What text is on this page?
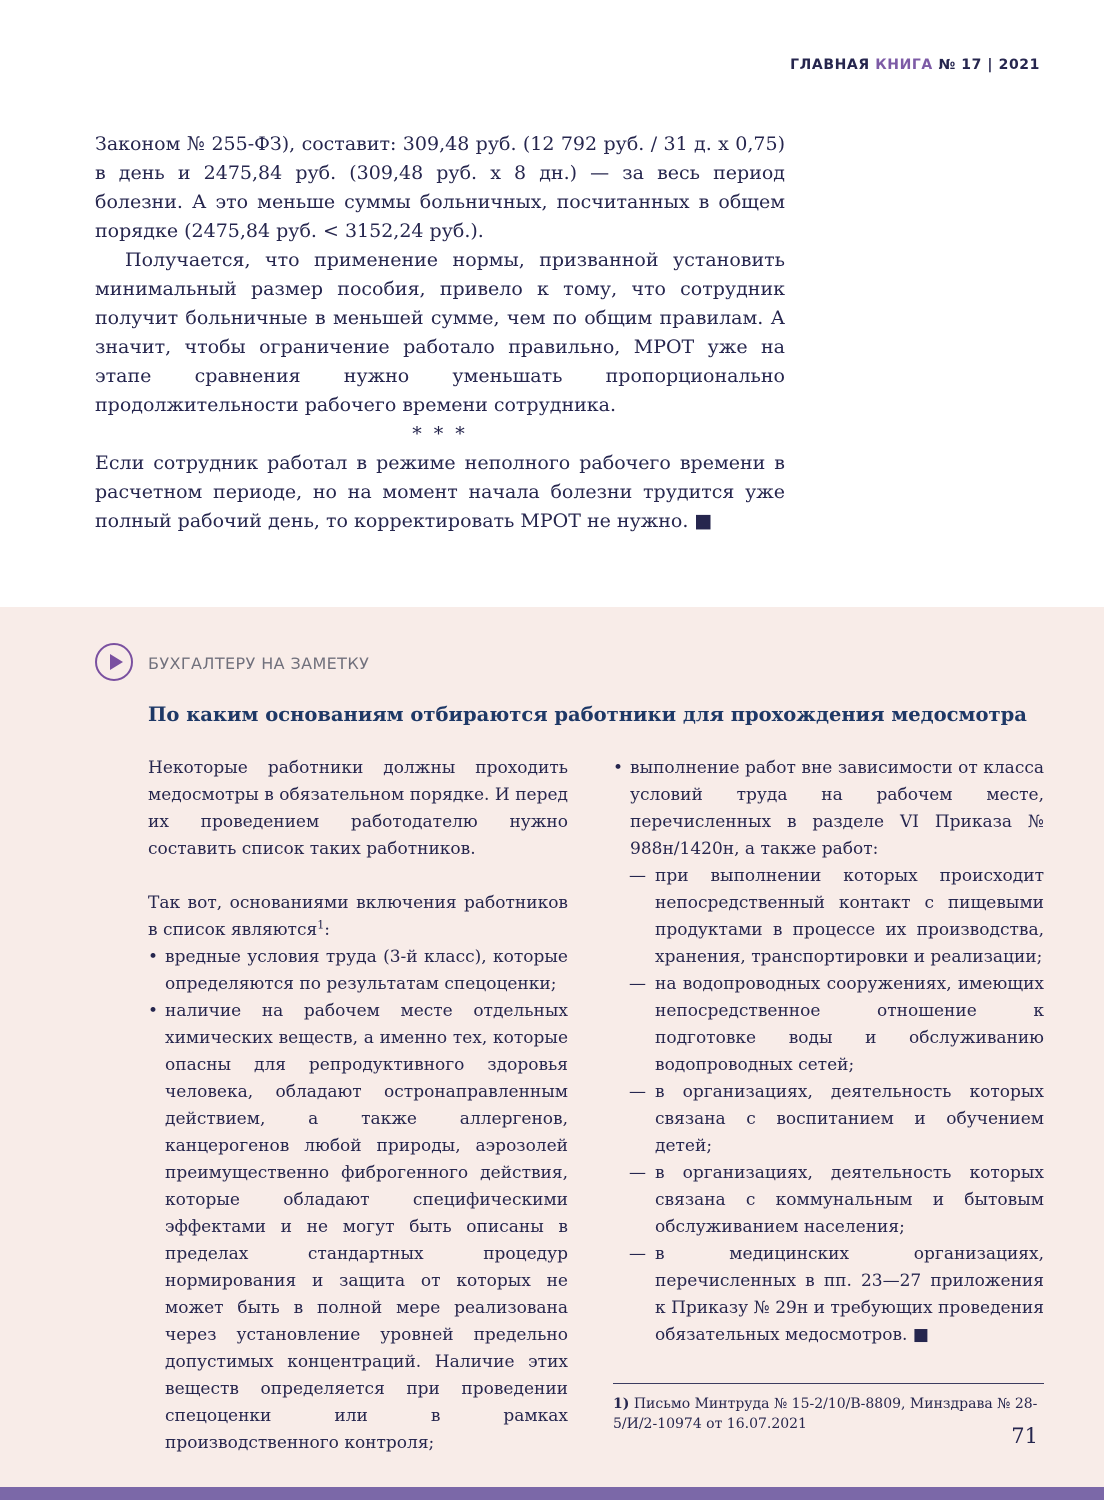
ГЛАВНАЯ КНИГА № 17 | 2021

Законом № 255-ФЗ), составит: 309,48 руб. (12 792 руб. / 31 д. х 0,75) в день и 2475,84 руб. (309,48 руб. х 8 дн.) — за весь период болезни. А это меньше суммы больничных, посчитанных в общем порядке (2475,84 руб. < 3152,24 руб.).

Получается, что применение нормы, призванной установить минимальный размер пособия, привело к тому, что сотрудник получит больничные в меньшей сумме, чем по общим правилам. А значит, чтобы ограничение работало правильно, МРОТ уже на этапе сравнения нужно уменьшать пропорционально продолжительности рабочего времени сотрудника.

* * *

Если сотрудник работал в режиме неполного рабочего времени в расчетном периоде, но на момент начала болезни трудится уже полный рабочий день, то корректировать МРОТ не нужно. ■

БУХГАЛТЕРУ НА ЗАМЕТКУ
По каким основаниям отбираются работники для прохождения медосмотра

Некоторые работники должны проходить медосмотры в обязательном порядке. И перед их проведением работодателю нужно составить список таких работников.

Так вот, основаниями включения работников в список являются$^1$:

• вредные условия труда (3-й класс), которые определяются по результатам спецоценки;
• наличие на рабочем месте отдельных химических веществ, а именно тех, которые опасны для репродуктивного здоровья человека, обладают остронаправленным действием, а также аллергенов, канцерогенов любой природы, аэрозолей преимущественно фиброгенного действия, которые обладают специфическими эффектами и не могут быть описаны в пределах стандартных процедур нормирования и защита от которых не может быть в полной мере реализована через установление уровней предельно допустимых концентраций. Наличие этих веществ определяется при проведении спецоценки или в рамках производственного контроля;
• выполнение работ вне зависимости от класса условий труда на рабочем месте, перечисленных в разделе VI Приказа № 988н/1420н, а также работ:
— при выполнении которых происходит непосредственный контакт с пищевыми продуктами в процессе их производства, хранения, транспортировки и реализации;
— на водопроводных сооружениях, имеющих непосредственное отношение к подготовке воды и обслуживанию водопроводных сетей;
— в организациях, деятельность которых связана с воспитанием и обучением детей;
— в организациях, деятельность которых связана с коммунальным и бытовым обслуживанием населения;
— в медицинских организациях, перечисленных в пп. 23—27 приложения к Приказу № 29н и требующих проведения обязательных медосмотров. ■

1) Письмо Минтруда № 15-2/10/В-8809, Минздрава № 28-5/И/2-10974 от 16.07.2021	71
